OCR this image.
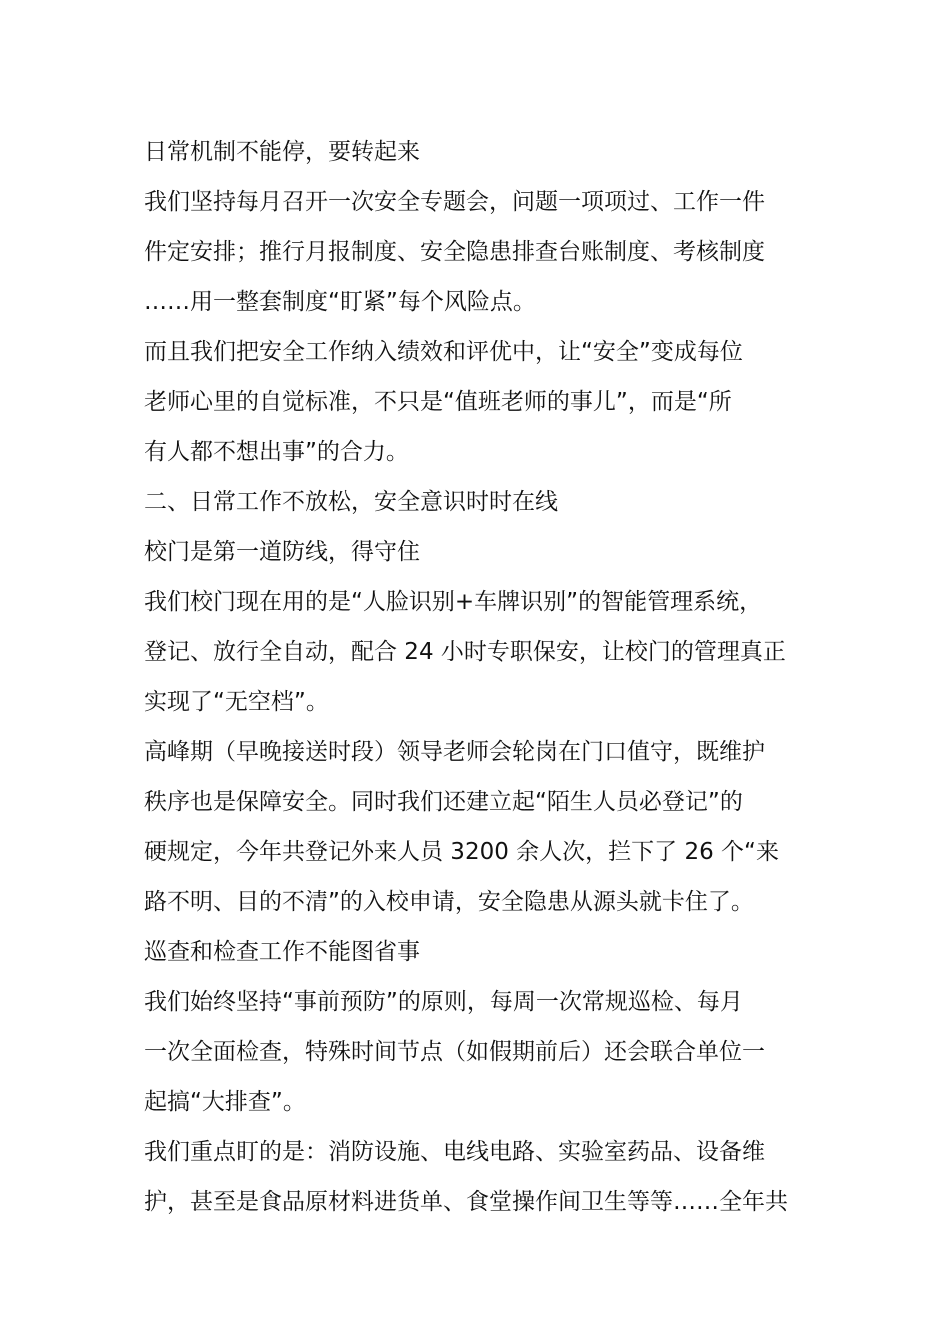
日常机制不能停，要转起来
我们坚持每月召开一次安全专题会，问题一项项过、工作一件
件定安排；推行月报制度、安全隐患排查台账制度、考核制度
……用一整套制度“盯紧”每个风险点。
而且我们把安全工作纳入绩效和评优中，让“安全”变成每位
老师心里的自觉标准，不只是“值班老师的事儿”，而是“所
有人都不想出事”的合力。
二、日常工作不放松，安全意识时时在线
校门是第一道防线，得守住
我们校门现在用的是“人脸识别+车牌识别”的智能管理系统，
登记、放行全自动，配合 24 小时专职保安，让校门的管理真正
实现了“无空档”。
高峰期（早晚接送时段）领导老师会轮岗在门口值守，既维护
秩序也是保障安全。同时我们还建立起“陌生人员必登记”的
硬规定，今年共登记外来人员 3200 余人次，拦下了 26 个“来
路不明、目的不清”的入校申请，安全隐患从源头就卡住了。
巡查和检查工作不能图省事
我们始终坚持“事前预防”的原则，每周一次常规巡检、每月
一次全面检查，特殊时间节点（如假期前后）还会联合单位一
起搞“大排查”。
我们重点盯的是：消防设施、电线电路、实验室药品、设备维
护，甚至是食品原材料进货单、食堂操作间卫生等等……全年共
